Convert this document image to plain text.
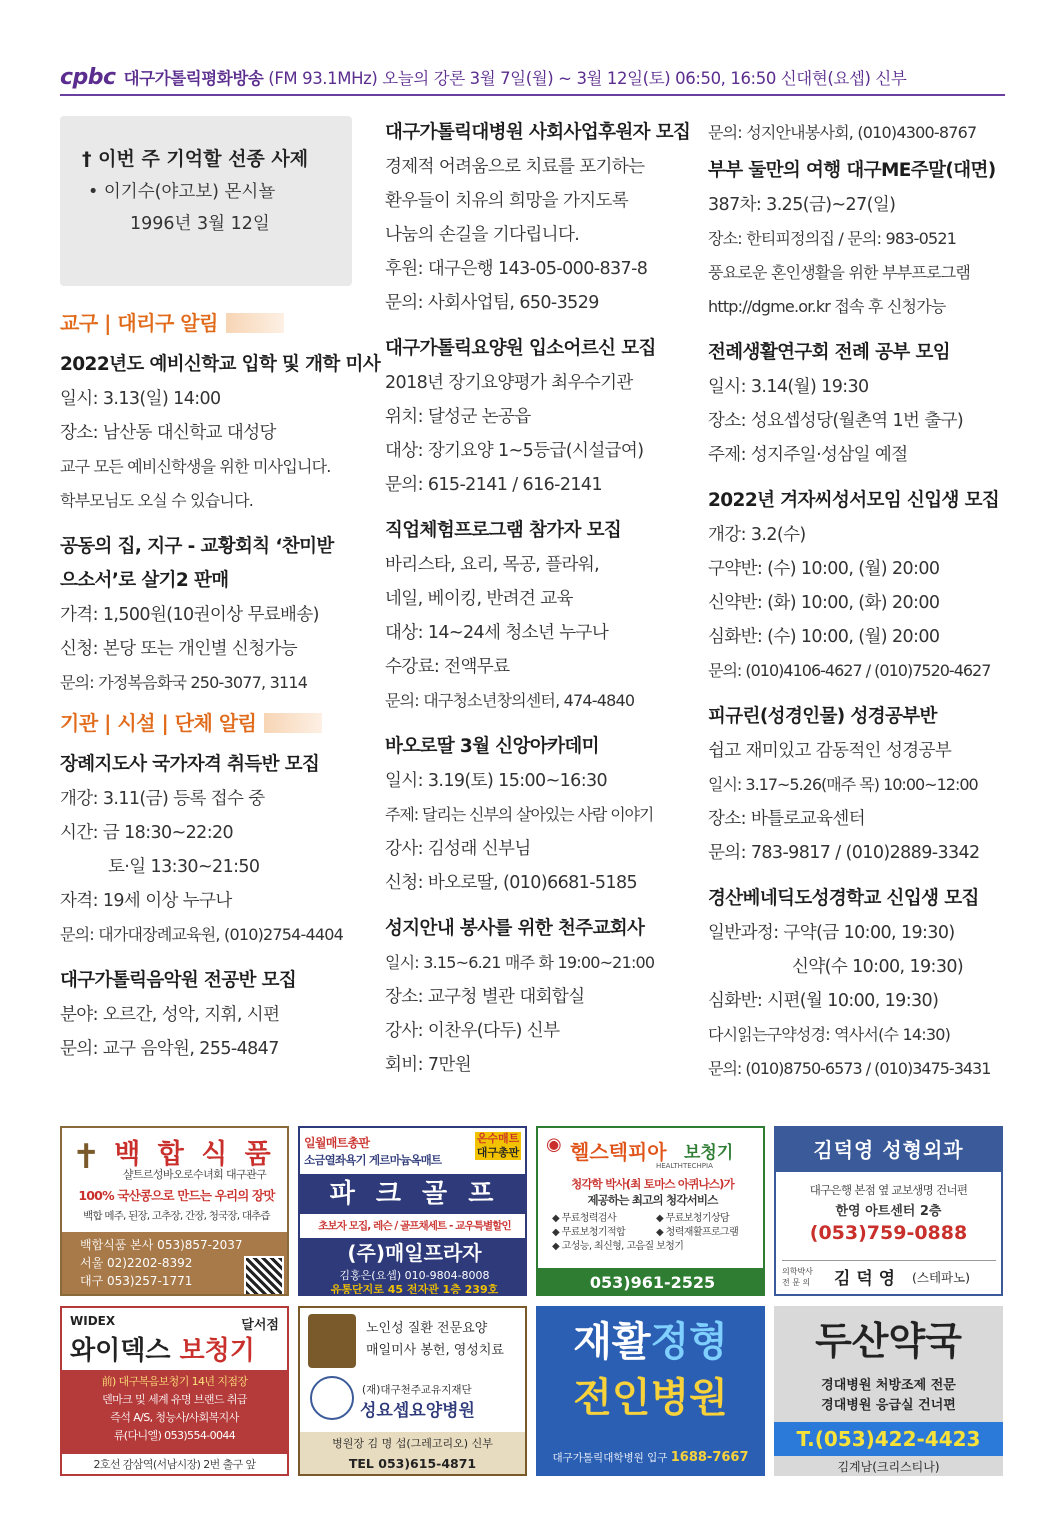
cpbc 대구가톨릭평화방송 (FM 93.1MHz) 오늘의 강론 3월 7일(월) ~ 3월 12일(토) 06:50, 16:50 신대현(요셉) 신부
† 이번 주 기억할 선종 사제
• 이기수(야고보) 몬시뇰
1996년 3월 12일
교구 | 대리구 알림
2022년도 예비신학교 입학 및 개학 미사

일시: 3.13(일) 14:00

장소: 남산동 대신학교 대성당

교구 모든 예비신학생을 위한 미사입니다.

학부모님도 오실 수 있습니다.

공동의 집, 지구 - 교황회칙 ‘찬미받
으소서’로 살기2 판매

가격: 1,500원(10권이상 무료배송)

신청: 본당 또는 개인별 신청가능

문의: 가정복음화국 250-3077, 3114

기관 | 시설 | 단체 알림
장례지도사 국가자격 취득반 모집

개강: 3.11(금) 등록 접수 중

시간: 금 18:30~22:20

토·일 13:30~21:50

자격: 19세 이상 누구나

문의: 대가대장례교육원, (010)2754-4404

대구가톨릭음악원 전공반 모집

분야: 오르간, 성악, 지휘, 시편

문의: 교구 음악원, 255-4847

대구가톨릭대병원 사회사업후원자 모집

경제적 어려움으로 치료를 포기하는

환우들이 치유의 희망을 가지도록

나눔의 손길을 기다립니다.

후원: 대구은행 143-05-000-837-8

문의: 사회사업팀, 650-3529

대구가톨릭요양원 입소어르신 모집

2018년 장기요양평가 최우수기관

위치: 달성군 논공읍

대상: 장기요양 1~5등급(시설급여)

문의: 615-2141 / 616-2141

직업체험프로그램 참가자 모집

바리스타, 요리, 목공, 플라워,

네일, 베이킹, 반려견 교육

대상: 14~24세 청소년 누구나

수강료: 전액무료

문의: 대구청소년창의센터, 474-4840

바오로딸 3월 신앙아카데미

일시: 3.19(토) 15:00~16:30

주제: 달리는 신부의 살아있는 사람 이야기

강사: 김성래 신부님

신청: 바오로딸, (010)6681-5185

성지안내 봉사를 위한 천주교회사

일시: 3.15~6.21 매주 화 19:00~21:00

장소: 교구청 별관 대회합실

강사: 이찬우(다두) 신부

회비: 7만원

문의: 성지안내봉사회, (010)4300-8767

부부 둘만의 여행 대구ME주말(대면)

387차: 3.25(금)~27(일)

장소: 한티피정의집 / 문의: 983-0521

풍요로운 혼인생활을 위한 부부프로그램

http://dgme.or.kr 접속 후 신청가능

전례생활연구회 전례 공부 모임

일시: 3.14(월) 19:30

장소: 성요셉성당(월촌역 1번 출구)

주제: 성지주일·성삼일 예절

2022년 겨자씨성서모임 신입생 모집

개강: 3.2(수)

구약반: (수) 10:00, (월) 20:00

신약반: (화) 10:00, (화) 20:00

심화반: (수) 10:00, (월) 20:00

문의: (010)4106-4627 / (010)7520-4627

피규린(성경인물) 성경공부반

쉽고 재미있고 감동적인 성경공부

일시: 3.17~5.26(매주 목) 10:00~12:00

장소: 바틀로교육센터

문의: 783-9817 / (010)2889-3342

경산베네딕도성경학교 신입생 모집

일반과정: 구약(금 10:00, 19:30)

신약(수 10:00, 19:30)

심화반: 시편(월 10:00, 19:30)

다시읽는구약성경: 역사서(수 14:30)

문의: (010)8750-6573 / (010)3475-3431

✝ 백 합 식 품
샬트르성바오로수녀회 대구관구
100% 국산콩으로 만드는 우리의 장맛
백합 메주, 된장, 고추장, 간장, 청국장, 대추즙
백합식품 본사 053)857-2037
서울 02)2202-8392
대구 053)257-1771
일월매트총판	온수매트
대구총판
소금열좌욕기 게르마늄옥매트
파 크 골 프
초보자 모집, 레슨 / 골프채세트 - 교우특별할인
(주)매일프라자
김홍은(요셉) 010-9804-8008
유통단지로 45 전자관 1층 239호
◉ 헬스텍피아 보청기
HEALTHTECHPIA
청각학 박사(최 토마스 아퀴나스)가
제공하는 최고의 청각서비스
◆ 무료청력검사	◆ 무료보청기상담
◆ 무료보청기적합	◆ 청력재활프로그램
◆ 고성능, 최신형, 고음질 보청기
053)961-2525
김덕영 성형외과
대구은행 본점 옆 교보생명 건너편
한영 아트센터 2층
(053)759-0888
의학박사 전 문 의 김 덕 영 (스테파노)
WIDEX	달서점
와이덱스 보청기
前) 대구복음보청기 14년 지점장
덴마크 및 세계 유명 브랜드 취급
즉석 A/S, 청능사/사회복지사
류(다니엘) 053)554-0044
2호선 감삼역(서남시장) 2번 출구 앞
노인성 질환 전문요양
매일미사 봉헌, 영성치료
(재)대구천주교유지재단
성요셉요양병원
병원장 김 명 섭(그레고리오) 신부
TEL 053)615-4871
재활정형
전인병원
대구가톨릭대학병원 입구 1688-7667
두산약국
경대병원 처방조제 전문
경대병원 응급실 건너편
T.(053)422-4423
김계남(크리스티나)
